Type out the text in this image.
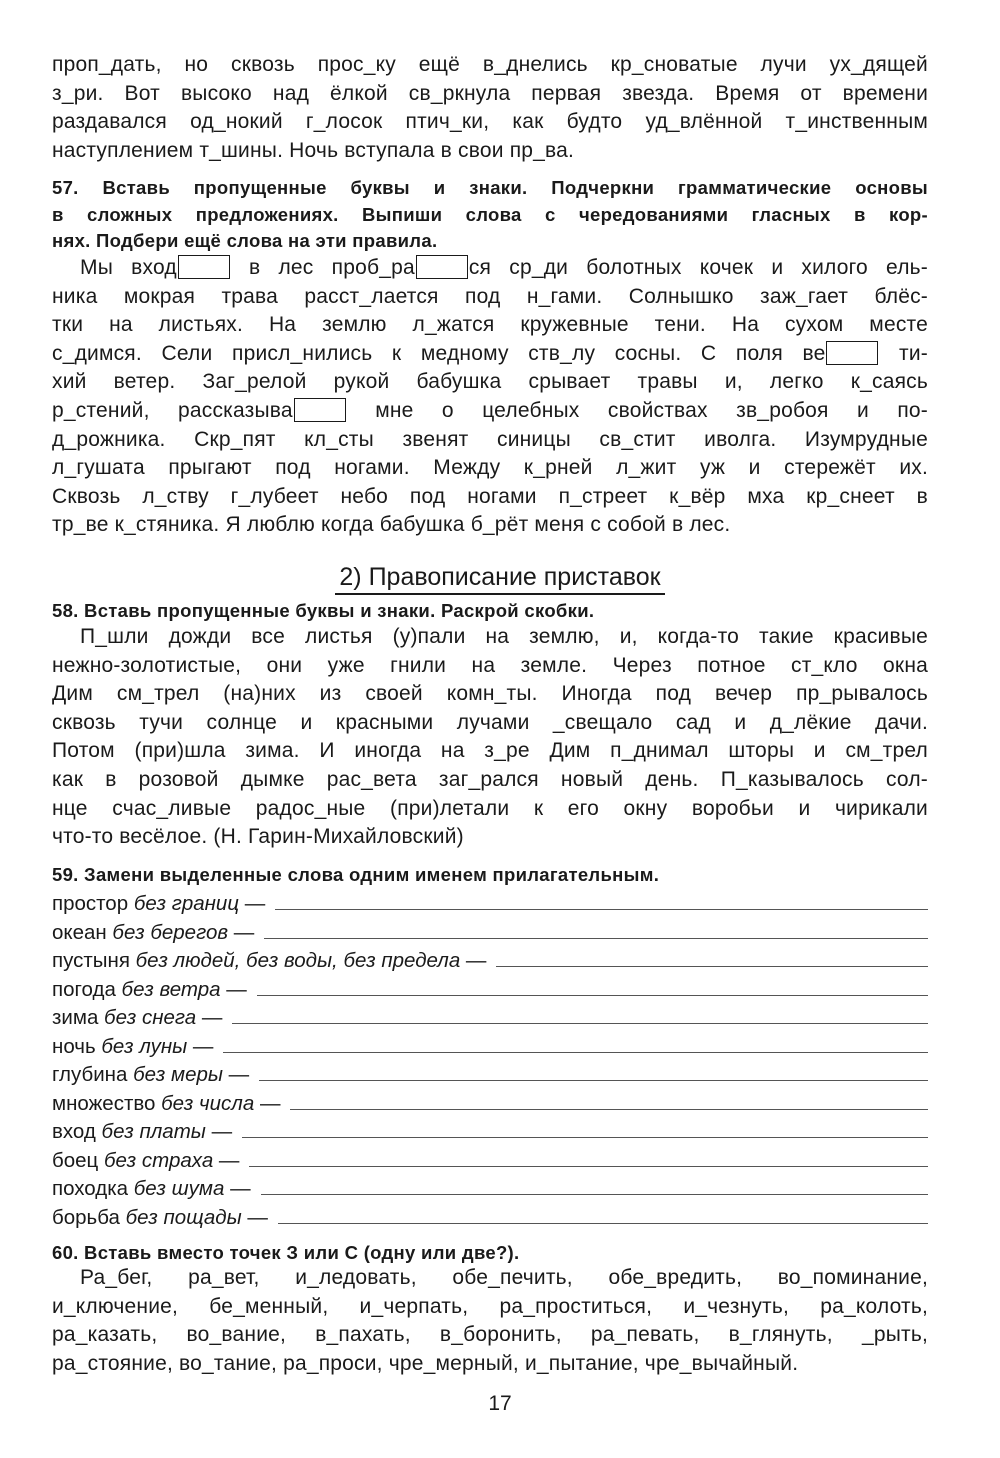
проп_дать, но сквозь прос_ку ещё в_днелись кр_сноватые лучи ух_дящей
з_ри. Вот высоко над ёлкой св_ркнула первая звезда. Время от времени
раздавался од_нокий г_лосок птич_ки, как будто уд_влённой т_инственным
наступлением т_шины. Ночь вступала в свои пр_ва.
57. Вставь пропущенные буквы и знаки. Подчеркни грамматические основы
в сложных предложениях. Выпиши слова с чередованиями гласных в кор-
нях. Подбери ещё слова на эти правила.
Мы вход	в лес проб_ра	ся ср_ди болотных кочек и хилого ель-
ника мокрая трава расст_лается под н_гами. Солнышко заж_гает блёс-
тки на листьях. На землю л_жатся кружевные тени. На сухом месте
с_димся. Сели присл_нились к медному ств_лу сосны. С поля ве	ти-
хий ветер. Заг_релой рукой бабушка срывает травы и, легко к_саясь
р_стений, рассказыва	мне о целебных свойствах зв_робоя и по-
д_рожника. Скр_пят кл_сты звенят синицы св_стит иволга. Изумрудные
л_гушата прыгают под ногами. Между к_рней л_жит уж и стережёт их.
Сквозь л_ству г_лубеет небо под ногами п_стреет к_вёр мха кр_снеет в
тр_ве к_стяника. Я люблю когда бабушка б_рёт меня с собой в лес.
2) Правописание приставок
58. Вставь пропущенные буквы и знаки. Раскрой скобки.
П_шли дожди все листья (у)пали на землю, и, когда-то такие красивые
нежно-золотистые, они уже гнили на земле. Через потное ст_кло окна
Дим см_трел (на)них из своей комн_ты. Иногда под вечер пр_рывалось
сквозь тучи солнце и красными лучами _свещало сад и д_лёкие дачи.
Потом (при)шла зима. И иногда на з_ре Дим п_днимал шторы и см_трел
как в розовой дымке рас_вета заг_рался новый день. П_казывалось сол-
нце счас_ливые радос_ные (при)летали к его окну воробьи и чирикали
что-то весёлое. (Н. Гарин-Михайловский)
59. Замени выделенные слова одним именем прилагательным.
простор без границ —
океан без берегов —
пустыня без людей, без воды, без предела —
погода без ветра —
зима без снега —
ночь без луны —
глубина без меры —
множество без числа —
вход без платы —
боец без страха —
походка без шума —
борьба без пощады —
60. Вставь вместо точек З или С (одну или две?).
Ра_бег, ра_вет, и_ледовать, обе_печить, обе_вредить, во_поминание,
и_ключение, бе_менный, и_черпать, ра_проститься, и_чезнуть, ра_колоть,
ра_казать, во_вание, в_пахать, в_боронить, ра_певать, в_глянуть, _рыть,
ра_стояние, во_тание, ра_проси, чре_мерный, и_пытание, чре_вычайный.
17
